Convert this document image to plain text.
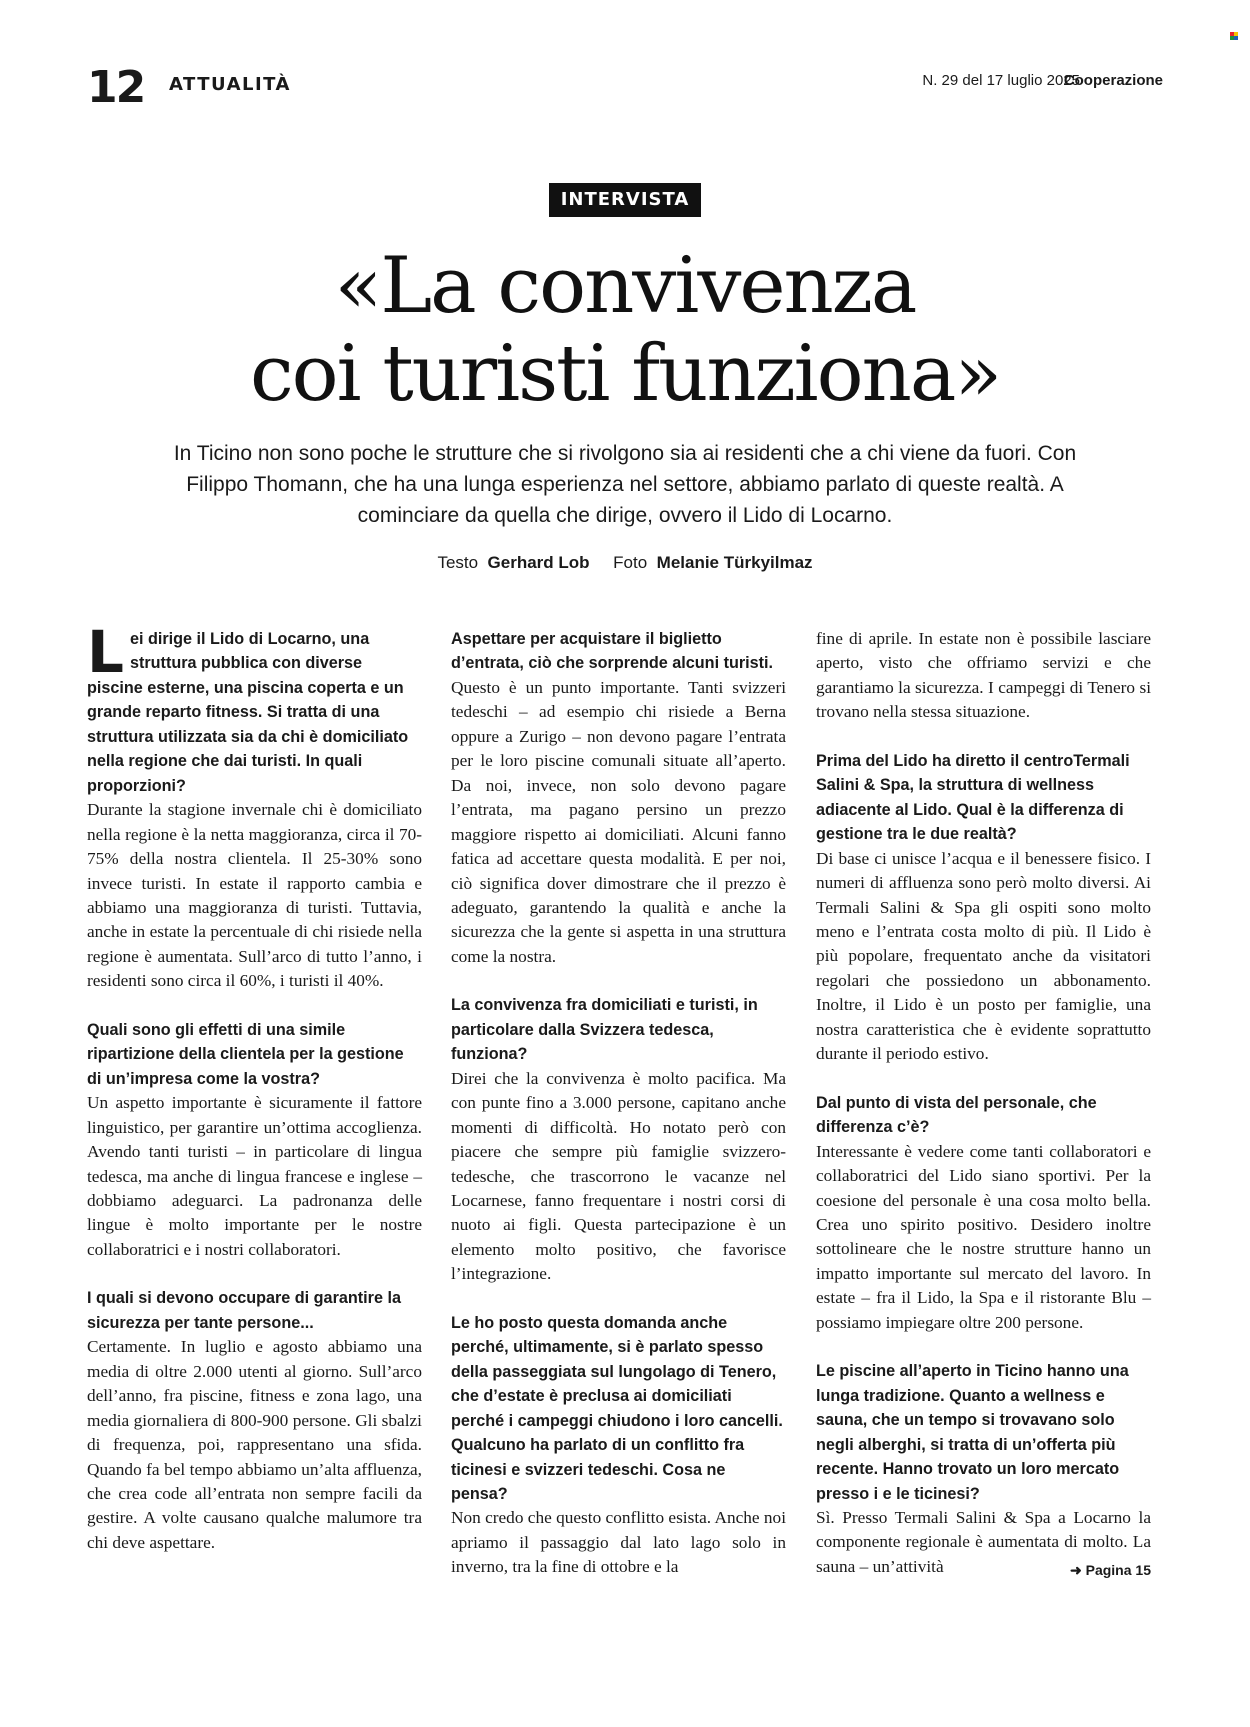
12 ATTUALITÀ	N. 29 del 17 luglio 2025
Cooperazione
INTERVISTA
«La convivenza
coi turisti funziona»
In Ticino non sono poche le strutture che si rivolgono sia ai residenti che a chi viene da fuori. Con Filippo Thomann, che ha una lunga esperienza nel settore, abbiamo parlato di queste realtà. A cominciare da quella che dirige, ovvero il Lido di Locarno.
Testo Gerhard Lob Foto Melanie Türkyilmaz
L ei dirige il Lido di Locarno, una struttura pubblica con diverse piscine esterne, una piscina coperta e un grande reparto fitness. Si tratta di una struttura utilizzata sia da chi è domiciliato nella regione che dai turisti. In quali proporzioni?

Durante la stagione invernale chi è domiciliato nella regione è la netta maggioranza, circa il 70-75% della nostra clientela. Il 25-30% sono invece turisti. In estate il rapporto cambia e abbiamo una maggioranza di turisti. Tuttavia, anche in estate la percentuale di chi risiede nella regione è aumentata. Sull’arco di tutto l’anno, i residenti sono circa il 60%, i turisti il 40%.

Quali sono gli effetti di una simile ripartizione della clientela per la gestione di un’impresa come la vostra?

Un aspetto importante è sicuramente il fattore linguistico, per garantire un’ottima accoglienza. Avendo tanti turisti – in particolare di lingua tedesca, ma anche di lingua francese e inglese – dobbiamo adeguarci. La padronanza delle lingue è molto importante per le nostre collaboratrici e i nostri collaboratori.

I quali si devono occupare di garantire la sicurezza per tante persone...

Certamente. In luglio e agosto abbiamo una media di oltre 2.000 utenti al giorno. Sull’arco dell’anno, fra piscine, fitness e zona lago, una media giornaliera di 800-900 persone. Gli sbalzi di frequenza, poi, rappresentano una sfida. Quando fa bel tempo abbiamo un’alta affluenza, che crea code all’entrata non sempre facili da gestire. A volte causano qualche malumore tra chi deve aspettare.

Aspettare per acquistare il biglietto d’entrata, ciò che sorprende alcuni turisti.

Questo è un punto importante. Tanti svizzeri tedeschi – ad esempio chi risiede a Berna oppure a Zurigo – non devono pagare l’entrata per le loro piscine comunali situate all’aperto. Da noi, invece, non solo devono pagare l’entrata, ma pagano persino un prezzo maggiore rispetto ai domiciliati. Alcuni fanno fatica ad accettare questa modalità. E per noi, ciò significa dover dimostrare che il prezzo è adeguato, garantendo la qualità e anche la sicurezza che la gente si aspetta in una struttura come la nostra.

La convivenza fra domiciliati e turisti, in particolare dalla Svizzera tedesca, funziona?

Direi che la convivenza è molto pacifica. Ma con punte fino a 3.000 persone, capitano anche momenti di difficoltà. Ho notato però con piacere che sempre più famiglie svizzero-tedesche, che trascorrono le vacanze nel Locarnese, fanno frequentare i nostri corsi di nuoto ai figli. Questa partecipazione è un elemento molto positivo, che favorisce l’integrazione.

Le ho posto questa domanda anche perché, ultimamente, si è parlato spesso della passeggiata sul lungolago di Tenero, che d’estate è preclusa ai domiciliati perché i campeggi chiudono i loro cancelli. Qualcuno ha parlato di un conflitto fra ticinesi e svizzeri tedeschi. Cosa ne pensa?

Non credo che questo conflitto esista. Anche noi apriamo il passaggio dal lato lago solo in inverno, tra la fine di ottobre e la

fine di aprile. In estate non è possibile lasciare aperto, visto che offriamo servizi e che garantiamo la sicurezza. I campeggi di Tenero si trovano nella stessa situazione.

Prima del Lido ha diretto il centroTermali Salini & Spa, la struttura di wellness adiacente al Lido. Qual è la differenza di gestione tra le due realtà?

Di base ci unisce l’acqua e il benessere fisico. I numeri di affluenza sono però molto diversi. Ai Termali Salini & Spa gli ospiti sono molto meno e l’entrata costa molto di più. Il Lido è più popolare, frequentato anche da visitatori regolari che possiedono un abbonamento. Inoltre, il Lido è un posto per famiglie, una nostra caratteristica che è evidente soprattutto durante il periodo estivo.

Dal punto di vista del personale, che differenza c’è?

Interessante è vedere come tanti collaboratori e collaboratrici del Lido siano sportivi. Per la coesione del personale è una cosa molto bella. Crea uno spirito positivo. Desidero inoltre sottolineare che le nostre strutture hanno un impatto importante sul mercato del lavoro. In estate – fra il Lido, la Spa e il ristorante Blu – possiamo impiegare oltre 200 persone.

Le piscine all’aperto in Ticino hanno una lunga tradizione. Quanto a wellness e sauna, che un tempo si trovavano solo negli alberghi, si tratta di un’offerta più recente. Hanno trovato un loro mercato presso i e le ticinesi?

Sì. Presso Termali Salini & Spa a Locarno la componente regionale è aumentata di molto. La sauna – un’attività	➜ Pagina 15
